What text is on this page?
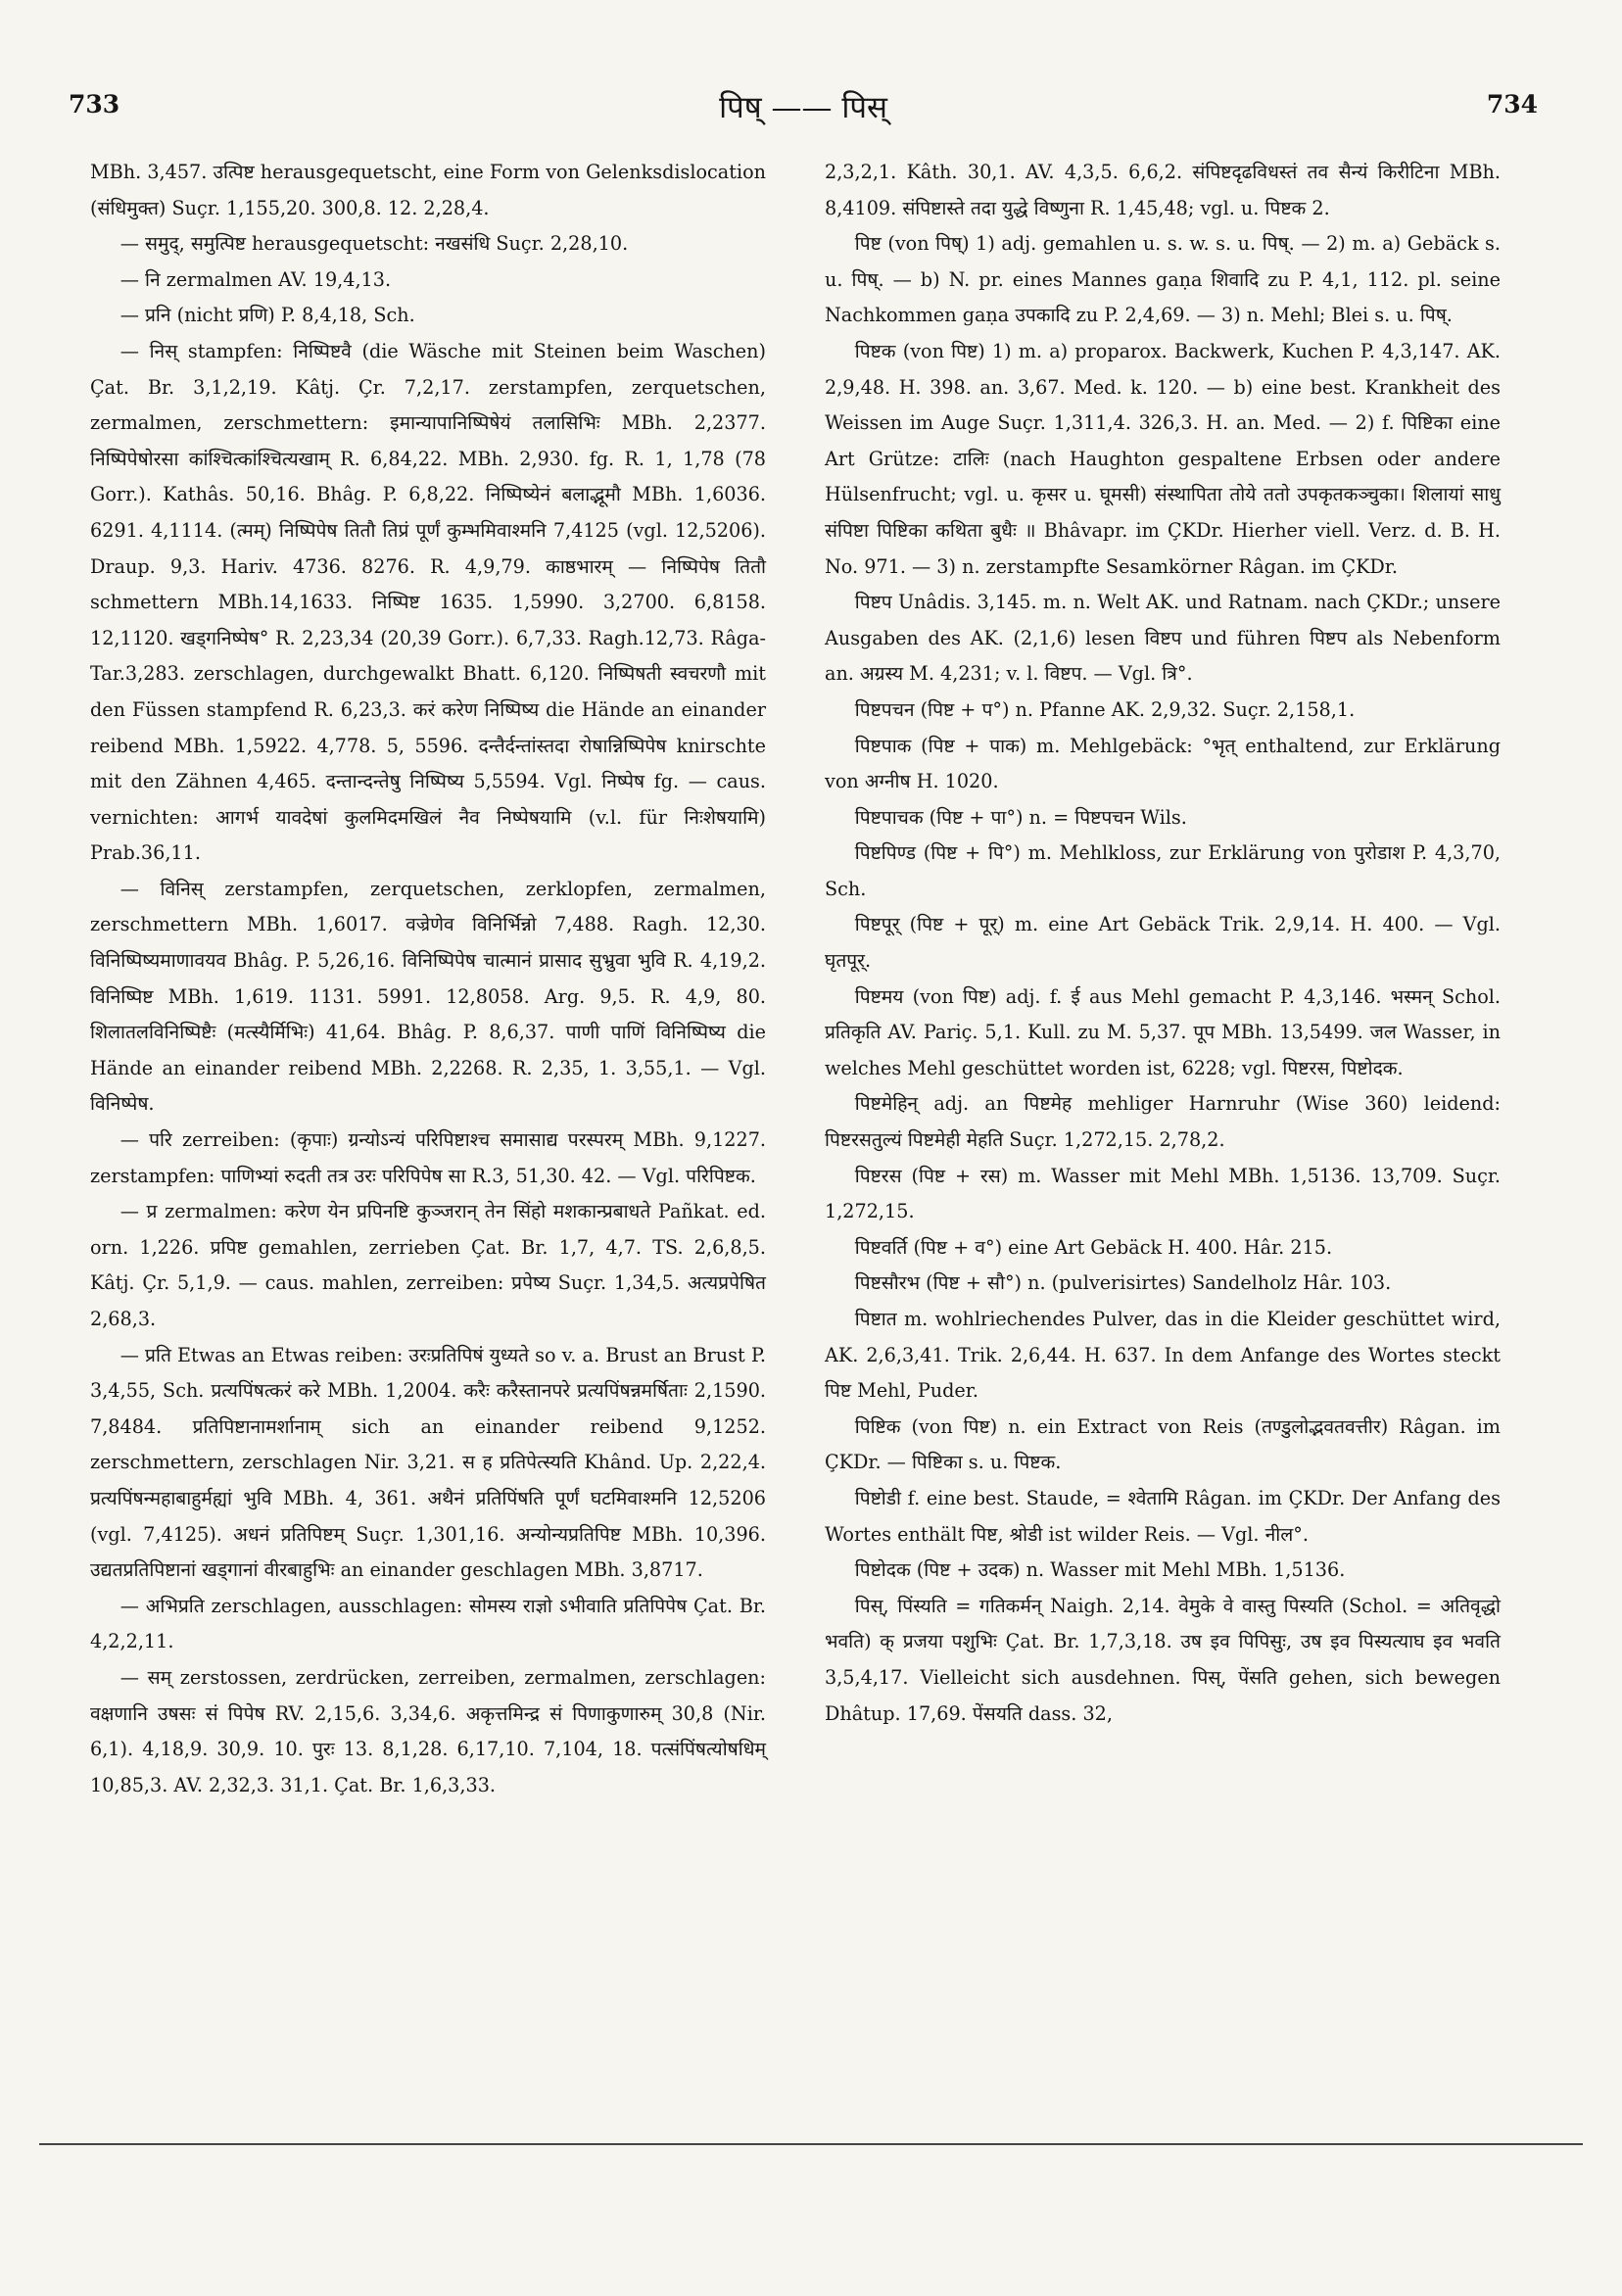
733	पिष् —— पिस्	734

MBh. 3,457. उत्पिष्ट herausgequetscht, eine Form von Gelenksdislocation (संधिमुक्त) Suçr. 1,155,20. 300,8. 12. 2,28,4.

— समुद्, समुत्पिष्ट herausgequetscht: नखसंधि Suçr. 2,28,10.

— नि zermalmen AV. 19,4,13.

— प्रनि (nicht प्रणि) P. 8,4,18, Sch.

— निस् stampfen: निष्पिष्टवै (die Wäsche mit Steinen beim Waschen) Çat. Br. 3,1,2,19. Kâtj. Çr. 7,2,17. zerstampfen, zerquetschen, zermalmen, zerschmettern: इमान्यापानिष्पिषेयं तलासिभिः MBh. 2,2377. निष्पिपेषोरसा कांश्चित्कांश्चित्यखाम् R. 6,84,22. MBh. 2,930. fg. R. 1, 1,78 (78 Gorr.). Kathâs. 50,16. Bhâg. P. 6,8,22. निष्पिष्येनं बलाद्भूमौ MBh. 1,6036. 6291. 4,1114. (त्मम्) निष्पिपेष तितौ तिप्रं पूर्णं कुम्भमिवाश्मनि 7,4125 (vgl. 12,5206). Draup. 9,3. Hariv. 4736. 8276. R. 4,9,79. काष्ठभारम् — निष्पिपेष तितौ schmettern MBh.14,1633. निष्पिष्ट 1635. 1,5990. 3,2700. 6,8158. 12,1120. खड्गनिष्पेष° R. 2,23,34 (20,39 Gorr.). 6,7,33. Ragh.12,73. Râga-Tar.3,283. zerschlagen, durchgewalkt Bhatt. 6,120. निष्पिषती स्वचरणौ mit den Füssen stampfend R. 6,23,3. करं करेण निष्पिष्य die Hände an einander reibend MBh. 1,5922. 4,778. 5, 5596. दन्तैर्दन्तांस्तदा रोषान्निष्पिपेष knirschte mit den Zähnen 4,465. दन्तान्दन्तेषु निष्पिष्य 5,5594. Vgl. निष्पेष fg. — caus. vernichten: आगर्भ यावदेषां कुलमिदमखिलं नैव निष्पेषयामि (v.l. für निःशेषयामि) Prab.36,11.

— विनिस् zerstampfen, zerquetschen, zerklopfen, zermalmen, zerschmettern MBh. 1,6017. वज्रेणेव विनिर्भिन्नो 7,488. Ragh. 12,30. विनिष्पिष्यमाणावयव Bhâg. P. 5,26,16. विनिष्पिपेष चात्मानं प्रासाद सुभ्रुवा भुवि R. 4,19,2. विनिष्पिष्ट MBh. 1,619. 1131. 5991. 12,8058. Arg. 9,5. R. 4,9, 80. शिलातलविनिष्पिष्टैः (मत्स्यैर्मिभिः) 41,64. Bhâg. P. 8,6,37. पाणी पाणिं विनिष्पिष्य die Hände an einander reibend MBh. 2,2268. R. 2,35, 1. 3,55,1. — Vgl. विनिष्पेष.

— परि zerreiben: (कृपाः) ग्रन्योऽन्यं परिपिष्टाश्च समासाद्य परस्परम् MBh. 9,1227. zerstampfen: पाणिभ्यां रुदती तत्र उरः परिपिपेष सा R.3, 51,30. 42. — Vgl. परिपिष्टक.

— प्र zermalmen: करेण येन प्रपिनष्टि कुञ्जरान् तेन सिंहो मशकान्प्रबाधते Pañkat. ed. orn. 1,226. प्रपिष्ट gemahlen, zerrieben Çat. Br. 1,7, 4,7. TS. 2,6,8,5. Kâtj. Çr. 5,1,9. — caus. mahlen, zerreiben: प्रपेष्य Suçr. 1,34,5. अत्यप्रपेषित 2,68,3.

— प्रति Etwas an Etwas reiben: उरःप्रतिपिषं युध्यते so v. a. Brust an Brust P. 3,4,55, Sch. प्रत्यपिंषत्करं करे MBh. 1,2004. करैः करैस्तानपरे प्रत्यपिंषन्नमर्षिताः 2,1590. 7,8484. प्रतिपिष्टानामर्शानाम् sich an einander reibend 9,1252. zerschmettern, zerschlagen Nir. 3,21. स ह प्रतिपेत्स्यति Khând. Up. 2,22,4. प्रत्यपिंषन्महाबाहुर्मह्यां भुवि MBh. 4, 361. अथैनं प्रतिपिंषति पूर्णं घटमिवाश्मनि 12,5206 (vgl. 7,4125). अधनं प्रतिपिष्टम् Suçr. 1,301,16. अन्योन्यप्रतिपिष्ट MBh. 10,396. उद्यतप्रतिपिष्टानां खड्गानां वीरबाहुभिः an einander geschlagen MBh. 3,8717.

— अभिप्रति zerschlagen, ausschlagen: सोमस्य राज्ञो ऽभीवाति प्रतिपिपेष Çat. Br. 4,2,2,11.

— सम् zerstossen, zerdrücken, zerreiben, zermalmen, zerschlagen: वक्षणानि उषसः सं पिपेष RV. 2,15,6. 3,34,6. अकृत्तमिन्द्र सं पिणाकुणारुम् 30,8 (Nir. 6,1). 4,18,9. 30,9. 10. पुरः 13. 8,1,28. 6,17,10. 7,104, 18. पत्संपिंषत्योषधिम् 10,85,3. AV. 2,32,3. 31,1. Çat. Br. 1,6,3,33.

2,3,2,1. Kâth. 30,1. AV. 4,3,5. 6,6,2. संपिष्टदृढविधस्तं तव सैन्यं किरीटिना MBh. 8,4109. संपिष्टास्ते तदा युद्धे विष्णुना R. 1,45,48; vgl. u. पिष्टक 2.

पिष्ट (von पिष्) 1) adj. gemahlen u. s. w. s. u. पिष्. — 2) m. a) Gebäck s. u. पिष्. — b) N. pr. eines Mannes gaṇa शिवादि zu P. 4,1, 112. pl. seine Nachkommen gaṇa उपकादि zu P. 2,4,69. — 3) n. Mehl; Blei s. u. पिष्.

पिष्टक (von पिष्ट) 1) m. a) proparox. Backwerk, Kuchen P. 4,3,147. AK. 2,9,48. H. 398. an. 3,67. Med. k. 120. — b) eine best. Krankheit des Weissen im Auge Suçr. 1,311,4. 326,3. H. an. Med. — 2) f. पिष्टिका eine Art Grütze: टालिः (nach Haughton gespaltene Erbsen oder andere Hülsenfrucht; vgl. u. कृसर u. घूमसी) संस्थापिता तोये ततो उपकृतकञ्चुका। शिलायां साधु संपिष्टा पिष्टिका कथिता बुधैः ॥ Bhâvapr. im ÇKDr. Hierher viell. Verz. d. B. H. No. 971. — 3) n. zerstampfte Sesamkörner Râgan. im ÇKDr.

पिष्टप Unâdis. 3,145. m. n. Welt AK. und Ratnam. nach ÇKDr.; unsere Ausgaben des AK. (2,1,6) lesen विष्टप und führen पिष्टप als Nebenform an. अग्रस्य M. 4,231; v. l. विष्टप. — Vgl. त्रि°.

पिष्टपचन (पिष्ट + प°) n. Pfanne AK. 2,9,32. Suçr. 2,158,1.

पिष्टपाक (पिष्ट + पाक) m. Mehlgebäck: °भृत् enthaltend, zur Erklärung von अग्नीष H. 1020.

पिष्टपाचक (पिष्ट + पा°) n. = पिष्टपचन Wils.

पिष्टपिण्ड (पिष्ट + पि°) m. Mehlkloss, zur Erklärung von पुरोडाश P. 4,3,70, Sch.

पिष्टपूर् (पिष्ट + पूर्) m. eine Art Gebäck Trik. 2,9,14. H. 400. — Vgl. घृतपूर्.

पिष्टमय (von पिष्ट) adj. f. ई aus Mehl gemacht P. 4,3,146. भस्मन् Schol. प्रतिकृति AV. Pariç. 5,1. Kull. zu M. 5,37. पूप MBh. 13,5499. जल Wasser, in welches Mehl geschüttet worden ist, 6228; vgl. पिष्टरस, पिष्टोदक.

पिष्टमेहिन् adj. an पिष्टमेह mehliger Harnruhr (Wise 360) leidend: पिष्टरसतुल्यं पिष्टमेही मेहति Suçr. 1,272,15. 2,78,2.

पिष्टरस (पिष्ट + रस) m. Wasser mit Mehl MBh. 1,5136. 13,709. Suçr. 1,272,15.

पिष्टवर्ति (पिष्ट + व°) eine Art Gebäck H. 400. Hâr. 215.

पिष्टसौरभ (पिष्ट + सौ°) n. (pulverisirtes) Sandelholz Hâr. 103.

पिष्टात m. wohlriechendes Pulver, das in die Kleider geschüttet wird, AK. 2,6,3,41. Trik. 2,6,44. H. 637. In dem Anfange des Wortes steckt पिष्ट Mehl, Puder.

पिष्टिक (von पिष्ट) n. ein Extract von Reis (तण्डुलोद्भवतवत्तीर) Râgan. im ÇKDr. — पिष्टिका s. u. पिष्टक.

पिष्टोडी f. eine best. Staude, = श्वेतामि Râgan. im ÇKDr. Der Anfang des Wortes enthält पिष्ट, श्रोडी ist wilder Reis. — Vgl. नील°.

पिष्टोदक (पिष्ट + उदक) n. Wasser mit Mehl MBh. 1,5136.

पिस्, पिंस्यति = गतिकर्मन् Naigh. 2,14. वेमुके वे वास्तु पिस्यति (Schol. = अतिवृद्धो भवति) क् प्रजया पशुभिः Çat. Br. 1,7,3,18. उष इव पिपिसुः, उष इव पिस्यत्याघ इव भवति 3,5,4,17. Vielleicht sich ausdehnen. पिस्, पेंसति gehen, sich bewegen Dhâtup. 17,69. पेंसयति dass. 32,
